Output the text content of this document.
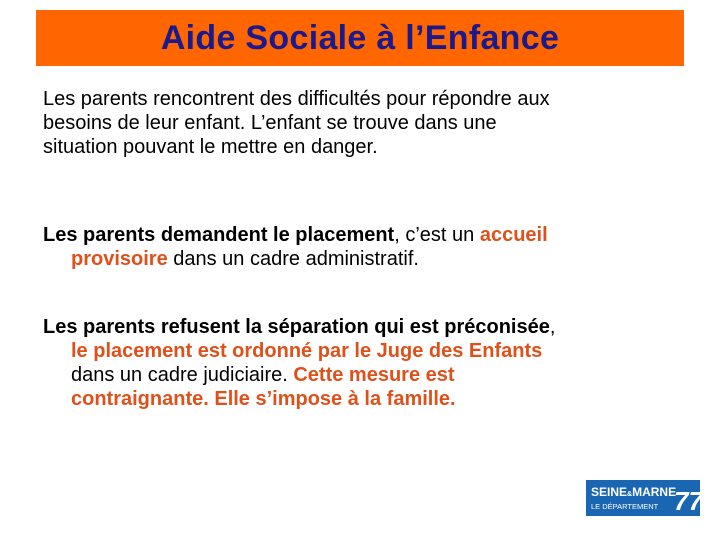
Aide Sociale à l’Enfance
Les parents rencontrent des difficultés pour répondre aux
besoins de leur enfant. L’enfant se trouve dans une
situation pouvant le mettre en danger.
Les parents demandent le placement, c’est un accueil
provisoire dans un cadre administratif.
Les parents refusent la séparation qui est préconisée,
le placement est ordonné par le Juge des Enfants
dans un cadre judiciaire. Cette mesure est
contraignante. Elle s’impose à la famille.
SEINE&MARNE
LE DÉPARTEMENT 77
